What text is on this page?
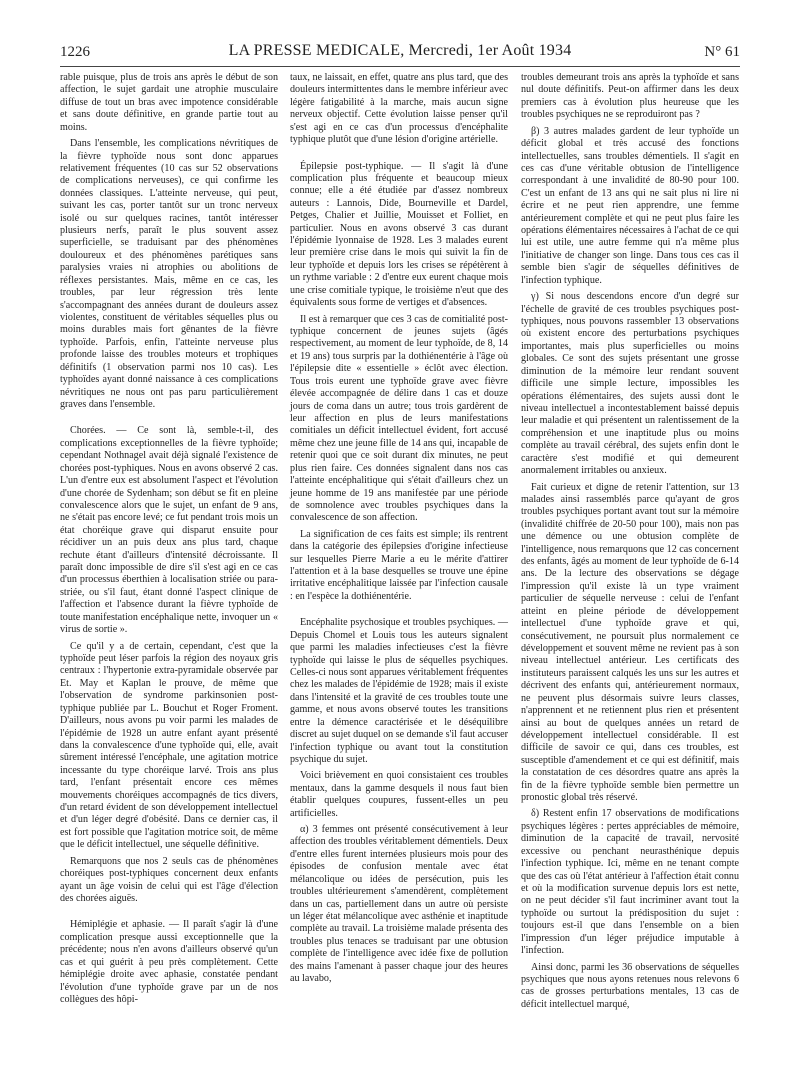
1226	LA PRESSE MEDICALE, Mercredi, 1er Août 1934	N° 61

rable puisque, plus de trois ans après le début de son affection, le sujet gardait une atrophie musculaire diffuse de tout un bras avec impotence considérable et sans doute définitive, en grande partie tout au moins.

Dans l'ensemble, les complications névritiques de la fièvre typhoïde nous sont donc apparues relativement fréquentes (10 cas sur 52 observations de complications nerveuses), ce qui confirme les données classiques. L'atteinte nerveuse, qui peut, suivant les cas, porter tantôt sur un tronc nerveux isolé ou sur quelques racines, tantôt intéresser plusieurs nerfs, paraît le plus souvent assez superficielle, se traduisant par des phénomènes douloureux et des phénomènes parétiques sans paralysies vraies ni atrophies ou abolitions de réflexes persistantes. Mais, même en ce cas, les troubles, par leur régression très lente s'accompagnant des années durant de douleurs assez violentes, constituent de véritables séquelles plus ou moins durables mais fort gênantes de la fièvre typhoïde. Parfois, enfin, l'atteinte nerveuse plus profonde laisse des troubles moteurs et trophiques définitifs (1 observation parmi nos 10 cas). Les typhoïdes ayant donné naissance à ces complications névritiques ne nous ont pas paru particulièrement graves dans l'ensemble.

Chorées. — Ce sont là, semble-t-il, des complications exceptionnelles de la fièvre typhoïde; cependant Nothnagel avait déjà signalé l'existence de chorées post-typhiques. Nous en avons observé 2 cas. L'un d'entre eux est absolument l'aspect et l'évolution d'une chorée de Sydenham; son début se fit en pleine convalescence alors que le sujet, un enfant de 9 ans, ne s'était pas encore levé; ce fut pendant trois mois un état choréique grave qui disparut ensuite pour récidiver un an puis deux ans plus tard, chaque rechute étant d'ailleurs d'intensité décroissante. Il paraît donc impossible de dire s'il s'est agi en ce cas d'un processus éberthien à localisation striée ou para-striée, ou s'il faut, étant donné l'aspect clinique de l'affection et l'absence durant la fièvre typhoïde de toute manifestation encéphalique nette, invoquer un « virus de sortie ».

Ce qu'il y a de certain, cependant, c'est que la typhoïde peut léser parfois la région des noyaux gris centraux : l'hypertonie extra-pyramidale observée par Et. May et Kaplan le prouve, de même que l'observation de syndrome parkinsonien post-typhique publiée par L. Bouchut et Roger Froment. D'ailleurs, nous avons pu voir parmi les malades de l'épidémie de 1928 un autre enfant ayant présenté dans la convalescence d'une typhoïde qui, elle, avait sûrement intéressé l'encéphale, une agitation motrice incessante du type choréique larvé. Trois ans plus tard, l'enfant présentait encore ces mêmes mouvements choréiques accompagnés de tics divers, d'un retard évident de son développement intellectuel et d'un léger degré d'obésité. Dans ce dernier cas, il est fort possible que l'agitation motrice soit, de même que le déficit intellectuel, une séquelle définitive.

Remarquons que nos 2 seuls cas de phénomènes choréiques post-typhiques concernent deux enfants ayant un âge voisin de celui qui est l'âge d'élection des chorées aiguës.

Hémiplégie et aphasie. — Il paraît s'agir là d'une complication presque aussi exceptionnelle que la précédente; nous n'en avons d'ailleurs observé qu'un cas et qui guérit à peu près complètement. Cette hémiplégie droite avec aphasie, constatée pendant l'évolution d'une typhoïde grave par un de nos collègues des hôpi-

taux, ne laissait, en effet, quatre ans plus tard, que des douleurs intermittentes dans le membre inférieur avec légère fatigabilité à la marche, mais aucun signe nerveux objectif. Cette évolution laisse penser qu'il s'est agi en ce cas d'un processus d'encéphalite typhique plutôt que d'une lésion d'origine artérielle.

Épilepsie post-typhique. — Il s'agit là d'une complication plus fréquente et beaucoup mieux connue; elle a été étudiée par d'assez nombreux auteurs : Lannois, Dide, Bourneville et Dardel, Petges, Chalier et Juillie, Mouisset et Folliet, en particulier. Nous en avons observé 3 cas durant l'épidémie lyonnaise de 1928. Les 3 malades eurent leur première crise dans le mois qui suivit la fin de leur typhoïde et depuis lors les crises se répétèrent à un rythme variable : 2 d'entre eux eurent chaque mois une crise comitiale typique, le troisième n'eut que des équivalents sous forme de vertiges et d'absences.

Il est à remarquer que ces 3 cas de comitialité post-typhique concernent de jeunes sujets (âgés respectivement, au moment de leur typhoïde, de 8, 14 et 19 ans) tous surpris par la dothiénentérie à l'âge où l'épilepsie dite « essentielle » éclôt avec élection. Tous trois eurent une typhoïde grave avec fièvre élevée accompagnée de délire dans 1 cas et douze jours de coma dans un autre; tous trois gardèrent de leur affection en plus de leurs manifestations comitiales un déficit intellectuel évident, fort accusé même chez une jeune fille de 14 ans qui, incapable de retenir quoi que ce soit durant dix minutes, ne peut plus rien faire. Ces données signalent dans nos cas l'atteinte encéphalitique qui s'était d'ailleurs chez un jeune homme de 19 ans manifestée par une période de somnolence avec troubles psychiques dans la convalescence de son affection.

La signification de ces faits est simple; ils rentrent dans la catégorie des épilepsies d'origine infectieuse sur lesquelles Pierre Marie a eu le mérite d'attirer l'attention et à la base desquelles se trouve une épine irritative encéphalitique laissée par l'infection causale : en l'espèce la dothiénentérie.

Encéphalite psychosique et troubles psychiques. — Depuis Chomel et Louis tous les auteurs signalent que parmi les maladies infectieuses c'est la fièvre typhoïde qui laisse le plus de séquelles psychiques. Celles-ci nous sont apparues véritablement fréquentes chez les malades de l'épidémie de 1928; mais il existe dans l'intensité et la gravité de ces troubles toute une gamme, et nous avons observé toutes les transitions entre la démence caractérisée et le déséquilibre discret au sujet duquel on se demande s'il faut accuser l'infection typhique ou avant tout la constitution psychique du sujet.

Voici brièvement en quoi consistaient ces troubles mentaux, dans la gamme desquels il nous faut bien établir quelques coupures, fussent-elles un peu artificielles.

α) 3 femmes ont présenté consécutivement à leur affection des troubles véritablement démentiels. Deux d'entre elles furent internées plusieurs mois pour des épisodes de confusion mentale avec état mélancolique ou idées de persécution, puis les troubles ultérieurement s'amendèrent, complètement dans un cas, partiellement dans un autre où persiste un léger état mélancolique avec asthénie et inaptitude complète au travail. La troisième malade présenta des troubles plus tenaces se traduisant par une obtusion complète de l'intelligence avec idée fixe de pollution des mains l'amenant à passer chaque jour des heures au lavabo,

troubles demeurant trois ans après la typhoïde et sans nul doute définitifs. Peut-on affirmer dans les deux premiers cas à évolution plus heureuse que les troubles psychiques ne se reproduiront pas ?

β) 3 autres malades gardent de leur typhoïde un déficit global et très accusé des fonctions intellectuelles, sans troubles démentiels. Il s'agit en ces cas d'une véritable obtusion de l'intelligence correspondant à une invalidité de 80-90 pour 100. C'est un enfant de 13 ans qui ne sait plus ni lire ni écrire et ne peut rien apprendre, une femme antérieurement complète et qui ne peut plus faire les opérations élémentaires nécessaires à l'achat de ce qui lui est utile, une autre femme qui n'a même plus l'initiative de changer son linge. Dans tous ces cas il semble bien s'agir de séquelles définitives de l'infection typhique.

γ) Si nous descendons encore d'un degré sur l'échelle de gravité de ces troubles psychiques post-typhiques, nous pouvons rassembler 13 observations où existent encore des perturbations psychiques importantes, mais plus superficielles ou moins globales. Ce sont des sujets présentant une grosse diminution de la mémoire leur rendant souvent difficile une simple lecture, impossibles les opérations élémentaires, des sujets aussi dont le niveau intellectuel a incontestablement baissé depuis leur maladie et qui présentent un ralentissement de la compréhension et une inaptitude plus ou moins complète au travail cérébral, des sujets enfin dont le caractère s'est modifié et qui demeurent anormalement irritables ou anxieux.

Fait curieux et digne de retenir l'attention, sur 13 malades ainsi rassemblés parce qu'ayant de gros troubles psychiques portant avant tout sur la mémoire (invalidité chiffrée de 20-50 pour 100), mais non pas une démence ou une obtusion complète de l'intelligence, nous remarquons que 12 cas concernent des enfants, âgés au moment de leur typhoïde de 6-14 ans. De la lecture des observations se dégage l'impression qu'il existe là un type vraiment particulier de séquelle nerveuse : celui de l'enfant atteint en pleine période de développement intellectuel d'une typhoïde grave et qui, consécutivement, ne poursuit plus normalement ce développement et souvent même ne revient pas à son niveau intellectuel antérieur. Les certificats des instituteurs paraissent calqués les uns sur les autres et décrivent des enfants qui, antérieurement normaux, ne peuvent plus désormais suivre leurs classes, n'apprennent et ne retiennent plus rien et présentent ainsi au bout de quelques années un retard de développement intellectuel considérable. Il est difficile de savoir ce qui, dans ces troubles, est susceptible d'amendement et ce qui est définitif, mais la constatation de ces désordres quatre ans après la fin de la fièvre typhoïde semble bien permettre un pronostic global très réservé.

δ) Restent enfin 17 observations de modifications psychiques légères : pertes appréciables de mémoire, diminution de la capacité de travail, nervosité excessive ou penchant neurasthénique depuis l'infection typhique. Ici, même en ne tenant compte que des cas où l'état antérieur à l'affection était connu et où la modification survenue depuis lors est nette, on ne peut décider s'il faut incriminer avant tout la typhoïde ou surtout la prédisposition du sujet : toujours est-il que dans l'ensemble on a bien l'impression d'un léger préjudice imputable à l'infection.

Ainsi donc, parmi les 36 observations de séquelles psychiques que nous ayons retenues nous relevons 6 cas de grosses perturbations mentales, 13 cas de déficit intellectuel marqué,
